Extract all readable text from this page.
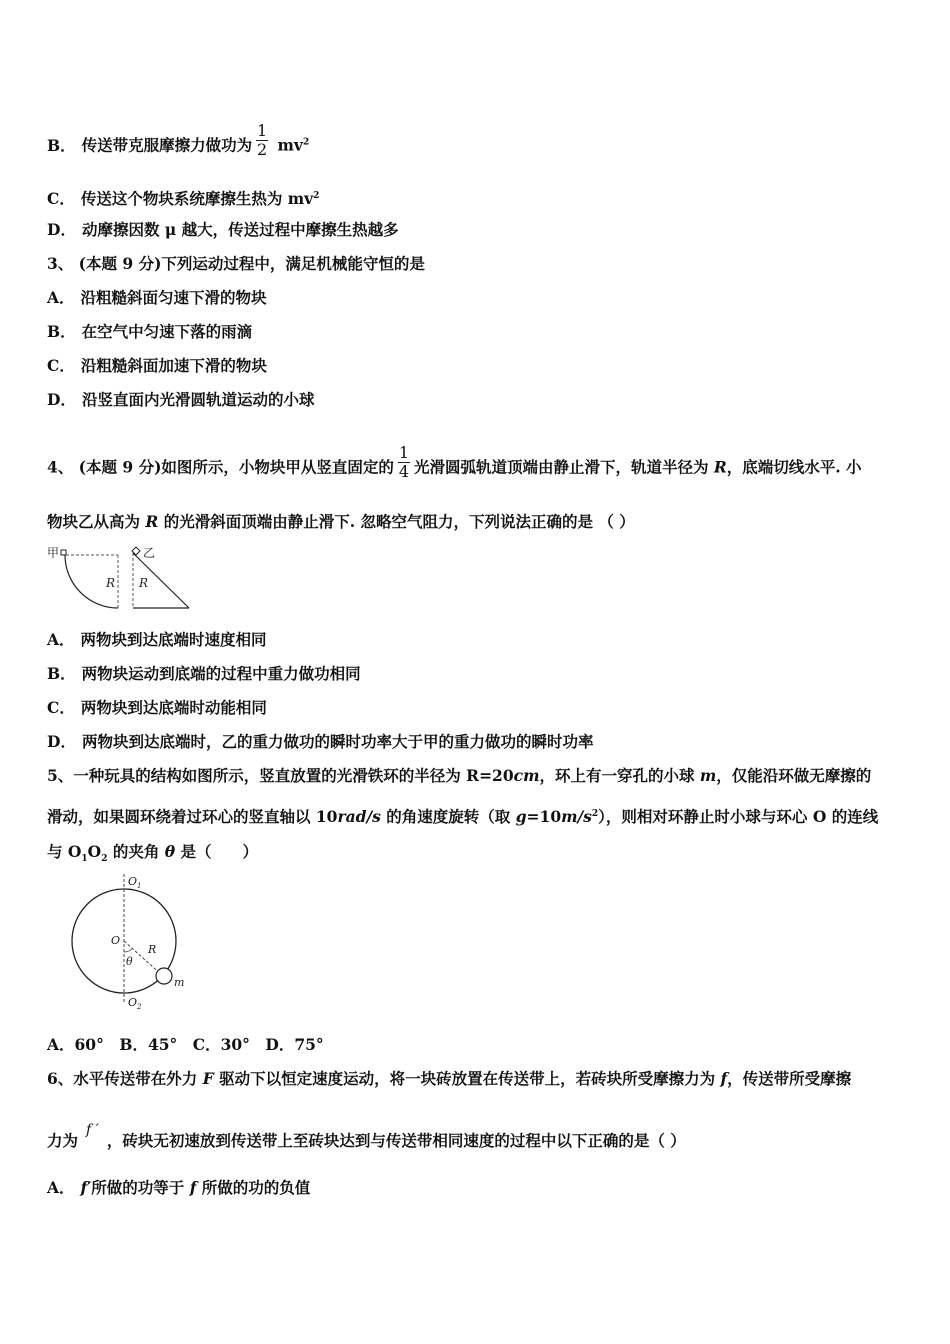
B． 传送带克服摩擦力做功为 $\frac{1}{2} mv^2$
C． 传送这个物块系统摩擦生热为 $mv^2$
D． 动摩擦因数 μ 越大，传送过程中摩擦生热越多
3、 (本题 9 分)下列运动过程中，满足机械能守恒的是
A． 沿粗糙斜面匀速下滑的物块
B． 在空气中匀速下落的雨滴
C． 沿粗糙斜面加速下滑的物块
D． 沿竖直面内光滑圆轨道运动的小球
4、 (本题 9 分)如图所示，小物块甲从竖直固定的 $\frac{1}{4}$ 光滑圆弧轨道顶端由静止滑下，轨道半径为 R，底端切线水平. 小
物块乙从高为 R 的光滑斜面顶端由静止滑下. 忽略空气阻力，下列说法正确的是 （ ）
甲
R
乙
R
A． 两物块到达底端时速度相同
B． 两物块运动到底端的过程中重力做功相同
C． 两物块到达底端时动能相同
D． 两物块到达底端时，乙的重力做功的瞬时功率大于甲的重力做功的瞬时功率
5、一种玩具的结构如图所示，竖直放置的光滑铁环的半径为 R=20cm，环上有一穿孔的小球 m，仅能沿环做无摩擦的
滑动，如果圆环绕着过环心的竖直轴以 10rad/s 的角速度旋转（取 $g=10m/s^2$），则相对环静止时小球与环心 O 的连线
与 $O_1O_2$ 的夹角 θ 是（　　）
$O_1$
O
R
θ
m
$O_2$
A．60°　B．45°　C．30°　D．75°
6、水平传送带在外力 F 驱动下以恒定速度运动，将一块砖放置在传送带上，若砖块所受摩擦力为 f，传送带所受摩擦
力为f ′，砖块无初速放到传送带上至砖块达到与传送带相同速度的过程中以下正确的是（ ）
A． f′所做的功等于 f 所做的功的负值
